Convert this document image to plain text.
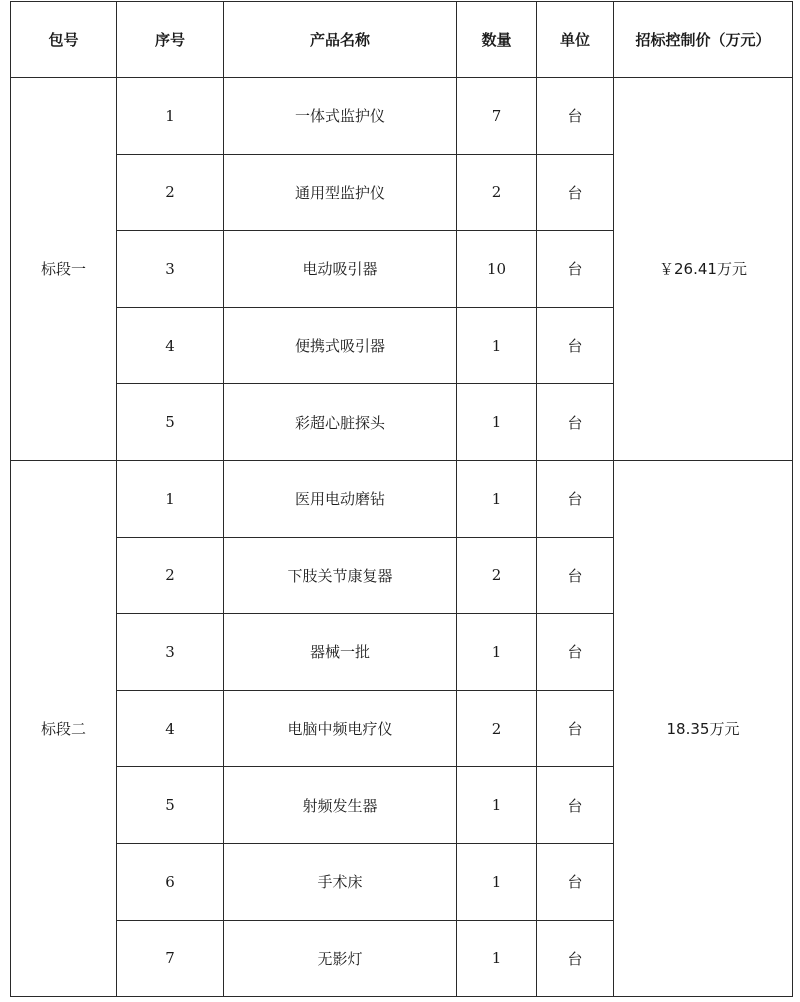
包号	序号	产品名称	数量	单位	招标控制价（万元）
标段一	1	一体式监护仪	7	台	￥26.41万元
	2	通用型监护仪	2	台	
	3	电动吸引器	10	台	
	4	便携式吸引器	1	台	
	5	彩超心脏探头	1	台	
标段二	1	医用电动磨钻	1	台	18.35万元
	2	下肢关节康复器	2	台	
	3	器械一批	1	台	
	4	电脑中频电疗仪	2	台	
	5	射频发生器	1	台	
	6	手术床	1	台	
	7	无影灯	1	台	
